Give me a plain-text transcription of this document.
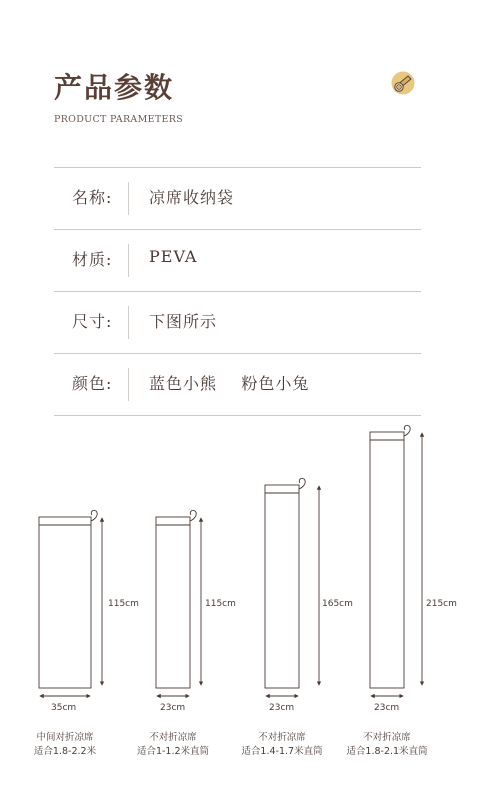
产品参数
PRODUCT PARAMETERS
名称: 凉席收纳袋
材质: PEVA
尺寸: 下图所示
颜色: 蓝色小熊    粉色小兔
115cm
35cm
115cm
23cm
165cm
23cm
215cm
23cm
中间对折凉席
适合1.8-2.2米
不对折凉席
适合1-1.2米直筒
不对折凉席
适合1.4-1.7米直筒
不对折凉席
适合1.8-2.1米直筒
